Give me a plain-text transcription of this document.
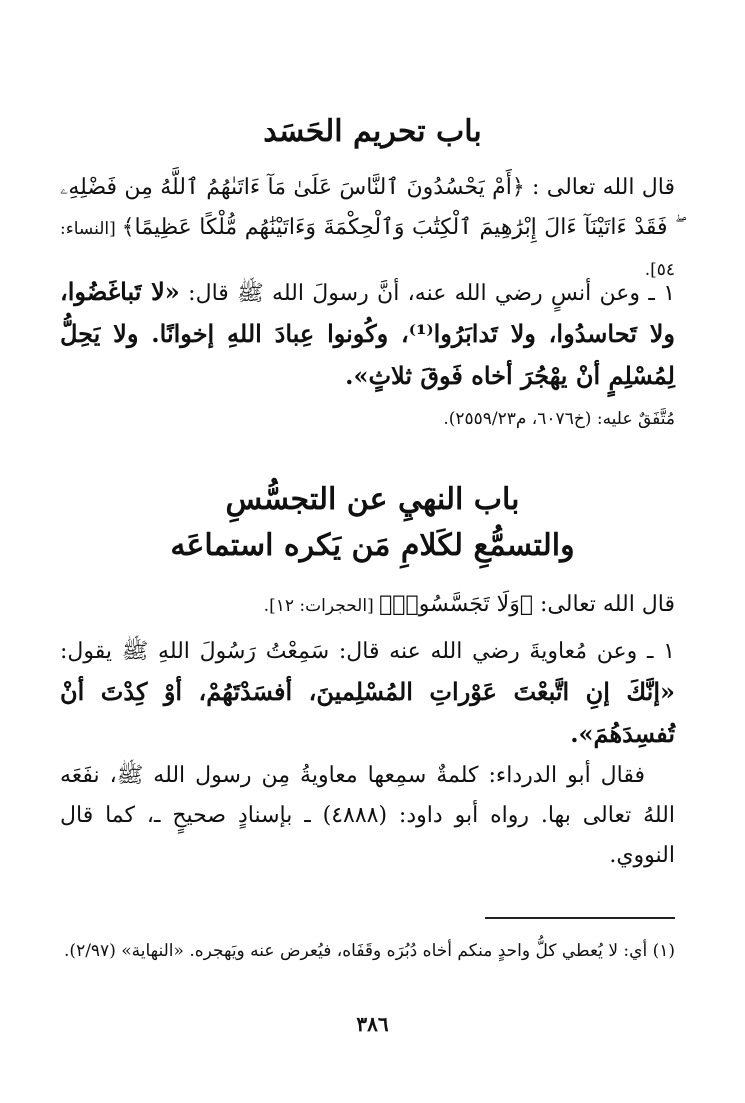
باب تحريم الحَسَد

قال الله تعالى : ﴿أَمْ يَحْسُدُونَ ٱلنَّاسَ عَلَىٰ مَآ ءَاتَىٰهُمُ ٱللَّهُ مِن فَضْلِهِۦ ۖ فَقَدْ ءَاتَيْنَآ ءَالَ إِبْرَٰهِيمَ ٱلْكِتَٰبَ وَٱلْحِكْمَةَ وَءَاتَيْنَٰهُم مُّلْكًا عَظِيمًا﴾ [النساء: ٥٤].

١ ـ وعن أنسٍ رضي الله عنه، أنَّ رسولَ الله ﷺ قال: «لا تَباغَضُوا، ولا تَحاسدُوا، ولا تَدابَرُوا⁽¹⁾، وكُونوا عِبادَ اللهِ إخوانًا. ولا يَحِلُّ لِمُسْلِمٍ أنْ يهْجُرَ أخاه فَوقَ ثلاثٍ».

مُتَّفَقٌ عليه: (خ٦٠٧٦، م٢٥٥٩/٢٣).

باب النهيِ عن التجسُّسِ
والتسمُّعِ لكَلامِ مَن يَكره استماعَه

قال الله تعالى: ﴿وَلَا تَجَسَّسُوا۟﴾ [الحجرات: ١٢].

١ ـ وعن مُعاويةَ رضي الله عنه قال: سَمِعْتُ رَسُولَ اللهِ ﷺ يقول: «إنَّكَ إنِ اتَّبعْتَ عَوْراتِ المُسْلِمينَ، أفسَدْتَهُمْ، أوْ كِدْتَ أنْ تُفسِدَهُمَ».

فقال أبو الدرداء: كلمةٌ سمِعها معاويةُ مِن رسول الله ﷺ، نفَعَه اللهُ تعالى بها. رواه أبو داود: (٤٨٨٨) ـ بإسنادٍ صحيحٍ ـ، كما قال النووي.

(١) أي: لا يُعطي كلُّ واحدٍ منكم أخاه دُبُرَه وقَفَاه، فيُعرض عنه ويَهجره. «النهاية» (٢/٩٧).
٣٨٦
